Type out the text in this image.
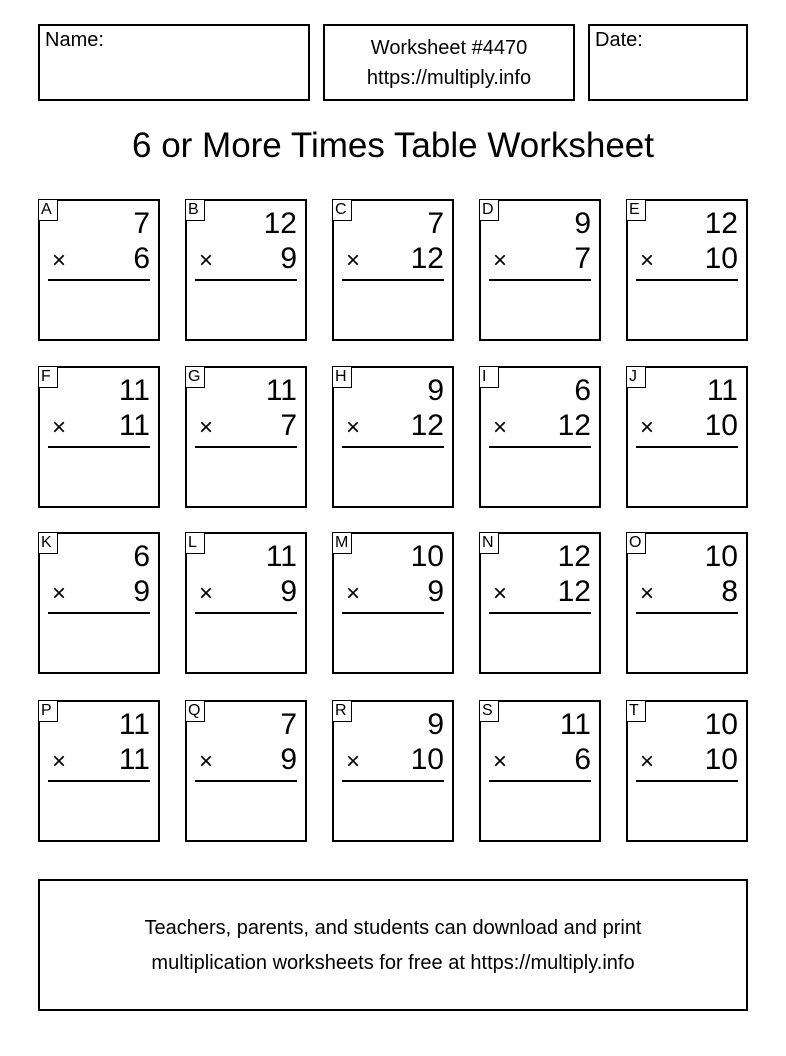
Name:	Worksheet #4470
https://multiply.info
Date:
6 or More Times Table Worksheet
A	7
× 6
B 12
× 9
C	7
× 12
D	9
× 7
E 12
× 10
F 11
× 11
G 11
× 7
H	9
× 12
I	6
× 12
J	11
× 10
K	6
× 9
L 11
× 9
M 10
× 9
N 12
× 12
O 10
× 8
P 11
× 11
Q	7
× 9
R	9
× 10
S 11
× 6
T 10
× 10
Teachers, parents, and students can download and print
multiplication worksheets for free at https://multiply.info
